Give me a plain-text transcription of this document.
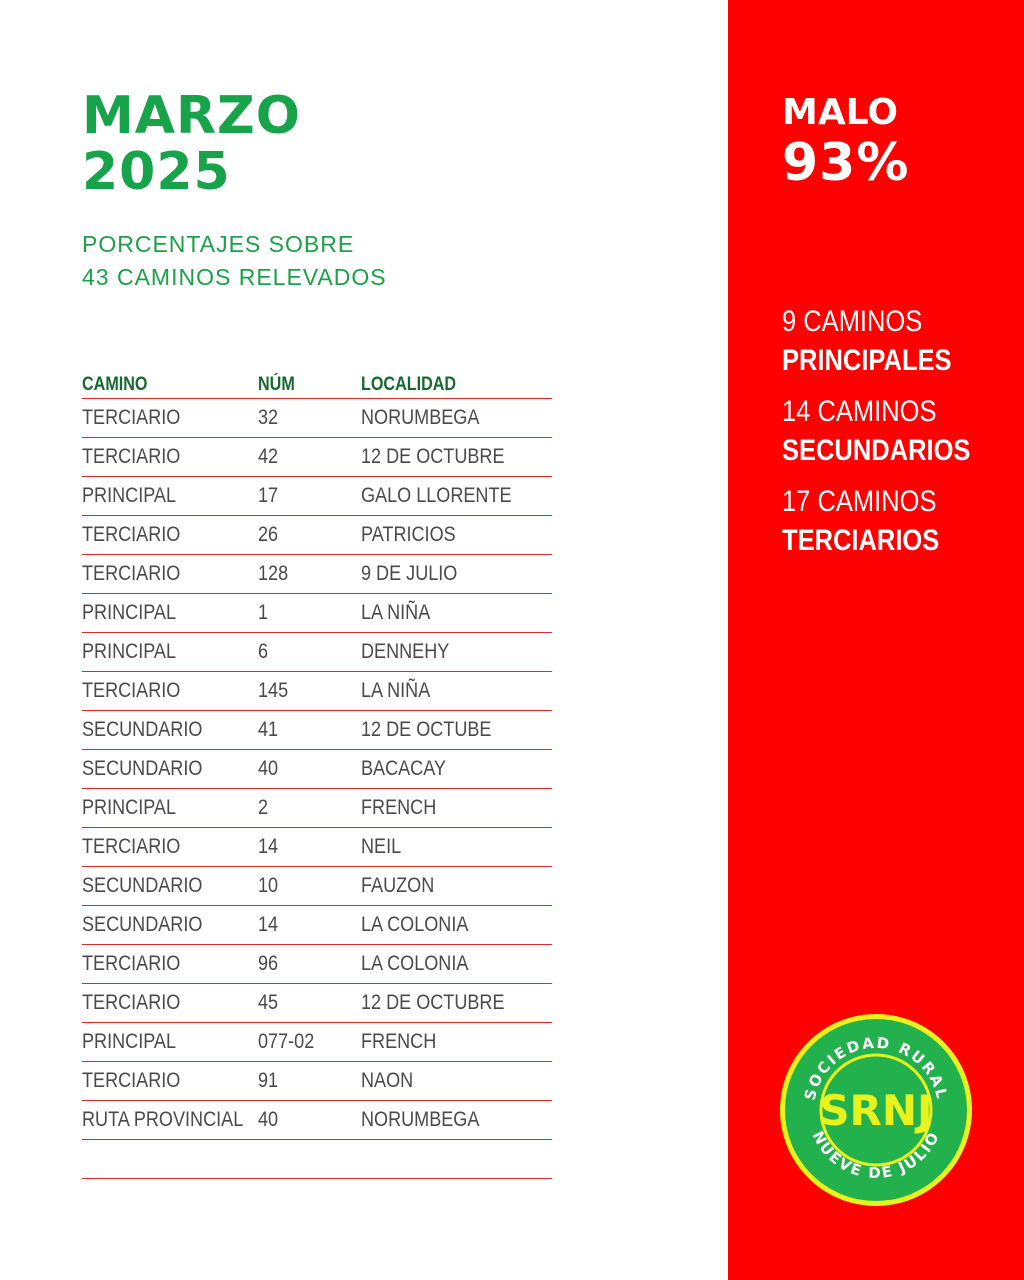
MARZO
2025
PORCENTAJES SOBRE
43 CAMINOS RELEVADOS
CAMINO	NÚM	LOCALIDAD
TERCIARIO	32	NORUMBEGA
TERCIARIO	42	12 DE OCTUBRE
PRINCIPAL	17	GALO LLORENTE
TERCIARIO	26	PATRICIOS
TERCIARIO	128	9 DE JULIO
PRINCIPAL	1	LA NIÑA
PRINCIPAL	6	DENNEHY
TERCIARIO	145	LA NIÑA
SECUNDARIO	41	12 DE OCTUBE
SECUNDARIO	40	BACACAY
PRINCIPAL	2	FRENCH
TERCIARIO	14	NEIL
SECUNDARIO	10	FAUZON
SECUNDARIO	14	LA COLONIA
TERCIARIO	96	LA COLONIA
TERCIARIO	45	12 DE OCTUBRE
PRINCIPAL	077-02	FRENCH
TERCIARIO	91	NAON
RUTA PROVINCIAL 40	NORUMBEGA
MALO
93%
9 CAMINOS
PRINCIPALES
14 CAMINOS
SECUNDARIOS
17 CAMINOS
TERCIARIOS
SOCIEDAD RURAL
NUEVE DE JULIO
SRNJ
